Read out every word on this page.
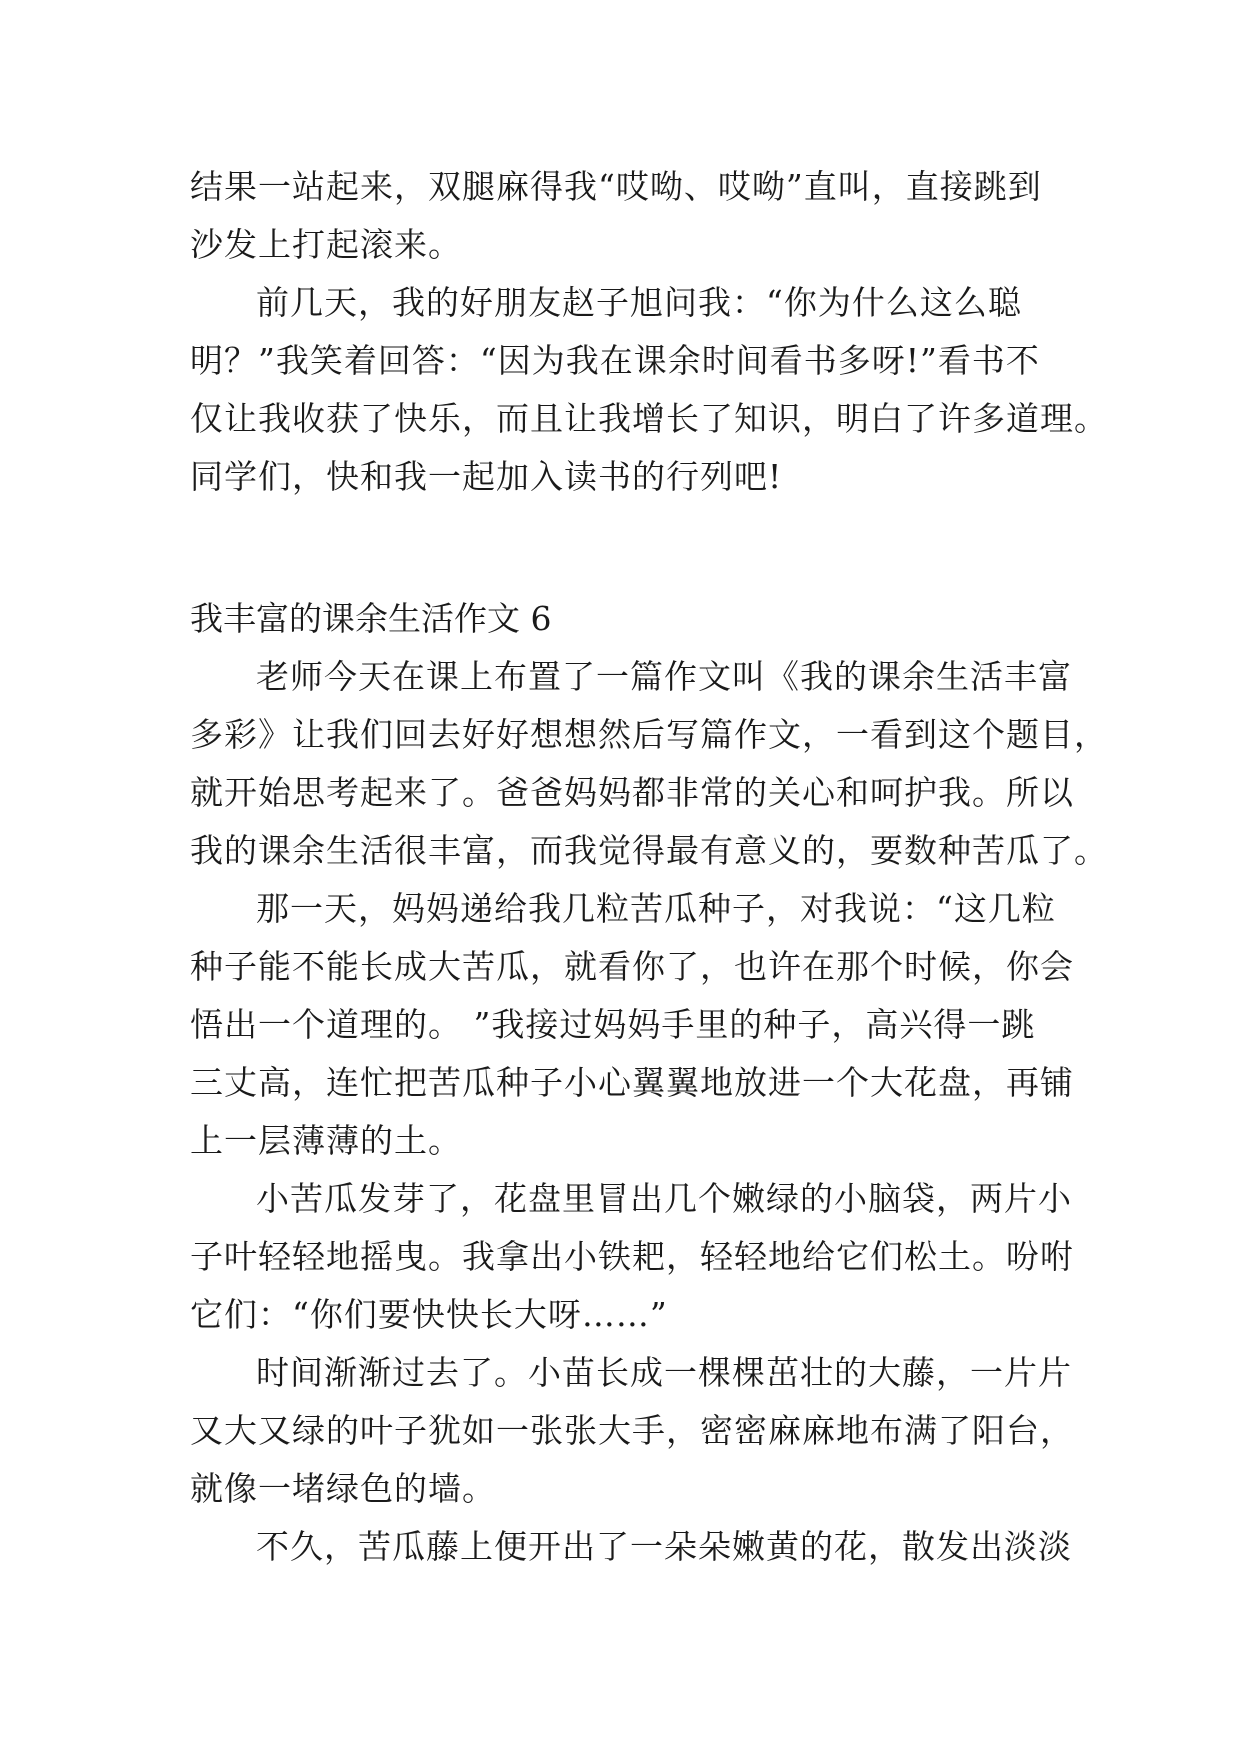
结果一站起来，双腿麻得我“哎呦、哎呦”直叫，直接跳到
沙发上打起滚来。
前几天，我的好朋友赵子旭问我：“你为什么这么聪
明？”我笑着回答：“因为我在课余时间看书多呀!”看书不
仅让我收获了快乐，而且让我增长了知识，明白了许多道理。
同学们，快和我一起加入读书的行列吧!
我丰富的课余生活作文 6
老师今天在课上布置了一篇作文叫《我的课余生活丰富
多彩》让我们回去好好想想然后写篇作文，一看到这个题目，
就开始思考起来了。爸爸妈妈都非常的关心和呵护我。所以
我的课余生活很丰富，而我觉得最有意义的，要数种苦瓜了。
那一天，妈妈递给我几粒苦瓜种子，对我说：“这几粒
种子能不能长成大苦瓜，就看你了，也许在那个时候，你会
悟出一个道理的。 ”我接过妈妈手里的种子，高兴得一跳
三丈高，连忙把苦瓜种子小心翼翼地放进一个大花盘，再铺
上一层薄薄的土。
小苦瓜发芽了，花盘里冒出几个嫩绿的小脑袋，两片小
子叶轻轻地摇曳。我拿出小铁耙，轻轻地给它们松土。吩咐
它们：“你们要快快长大呀……”
时间渐渐过去了。小苗长成一棵棵茁壮的大藤，一片片
又大又绿的叶子犹如一张张大手，密密麻麻地布满了阳台，
就像一堵绿色的墙。
不久，苦瓜藤上便开出了一朵朵嫩黄的花，散发出淡淡
